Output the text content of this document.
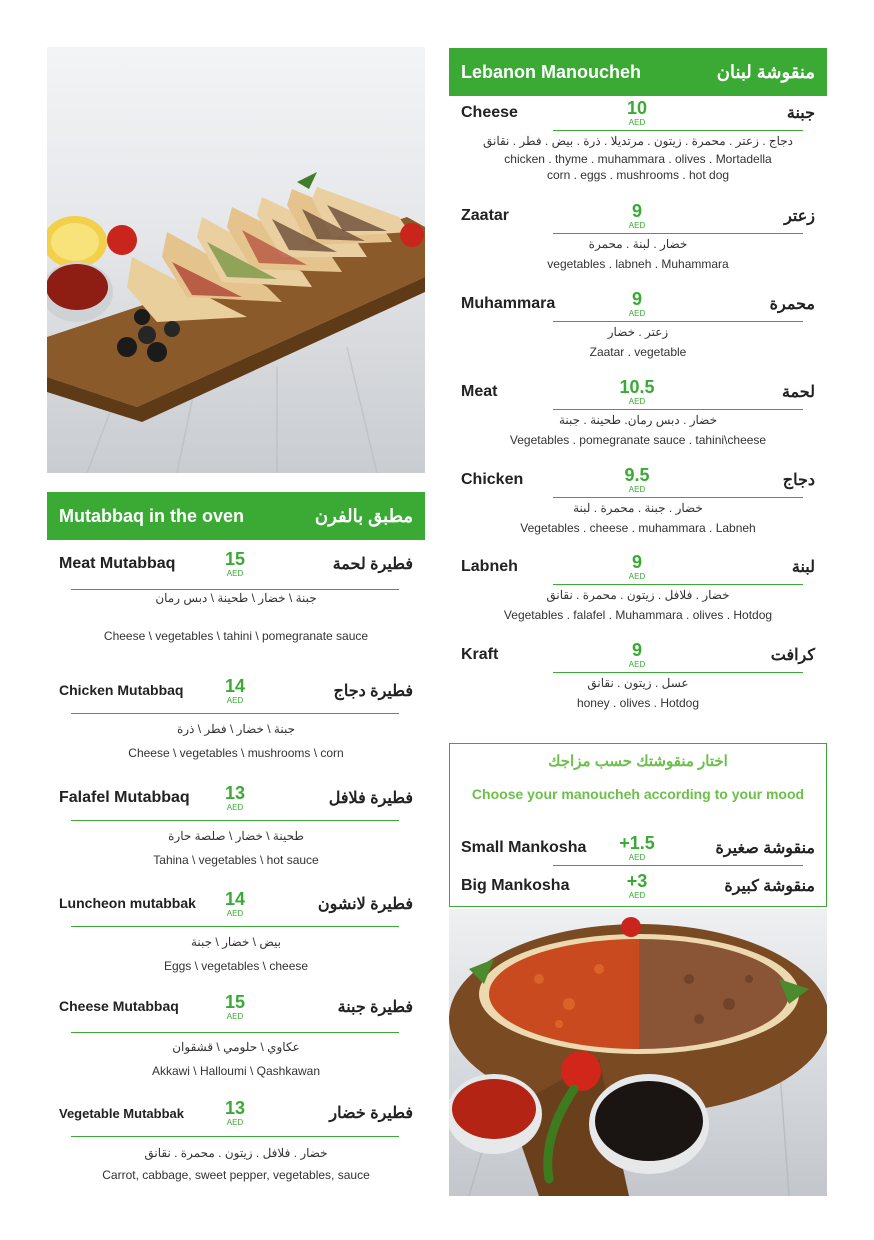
Lebanon Manoucheh	منقوشة لبنان
Cheese	10
AED
جبنة
دجاج . زعتر . محمرة . زيتون . مرتديلا . ذرة . بيض . فطر . نقانق
chicken . thyme . muhammara . olives . Mortadella
corn . eggs . mushrooms . hot dog
Zaatar	9
AED
زعتر
خضار . لبنة . محمرة
vegetables . labneh . Muhammara
Muhammara	9
AED
محمرة
زعتر . خضار
Zaatar . vegetable
Meat	10.5
AED
لحمة
خضار . دبس رمان. طحينة . جبنة
Vegetables . pomegranate sauce . tahini\cheese
Chicken	9.5
AED
دجاج
خضار . جبنة . محمرة . لبنة
Vegetables . cheese . muhammara . Labneh
Labneh	9
AED
لبنة
خضار . فلافل . زيتون . محمرة . نقانق
Vegetables . falafel . Muhammara . olives . Hotdog
Kraft	9
AED
كرافت
عسل . زيتون . نقانق
honey . olives . Hotdog
اختار منقوشتك حسب مزاجك
Choose your manoucheh according to your mood
Small Mankosha	+1.5
AED
منقوشة صغيرة
Big Mankosha	+3
AED
منقوشة كبيرة
Mutabbaq in the oven	مطبق بالفرن
Meat Mutabbaq	15
AED
فطيرة لحمة
جبنة \ خضار \ طحينة \ دبس رمان
Cheese \ vegetables \ tahini \ pomegranate sauce
Chicken Mutabbaq	14
AED
فطيرة دجاج
جبنة \ خضار \ فطر \ ذرة
Cheese \ vegetables \ mushrooms \ corn
Falafel Mutabbaq	13
AED
فطيرة فلافل
طحينة \ خضار \ صلصة حارة
Tahina \ vegetables \ hot sauce
Luncheon mutabbak	14
AED
فطيرة لانشون
بيض \ خضار \ جبنة
Eggs \ vegetables \ cheese
Cheese Mutabbaq	15
AED
فطيرة جبنة
عكاوي \ حلومي \ قشقوان
Akkawi \ Halloumi \ Qashkawan
Vegetable Mutabbak	13
AED
فطيرة خضار
خضار . فلافل . زيتون . محمرة . نقانق
Carrot, cabbage, sweet pepper, vegetables, sauce
